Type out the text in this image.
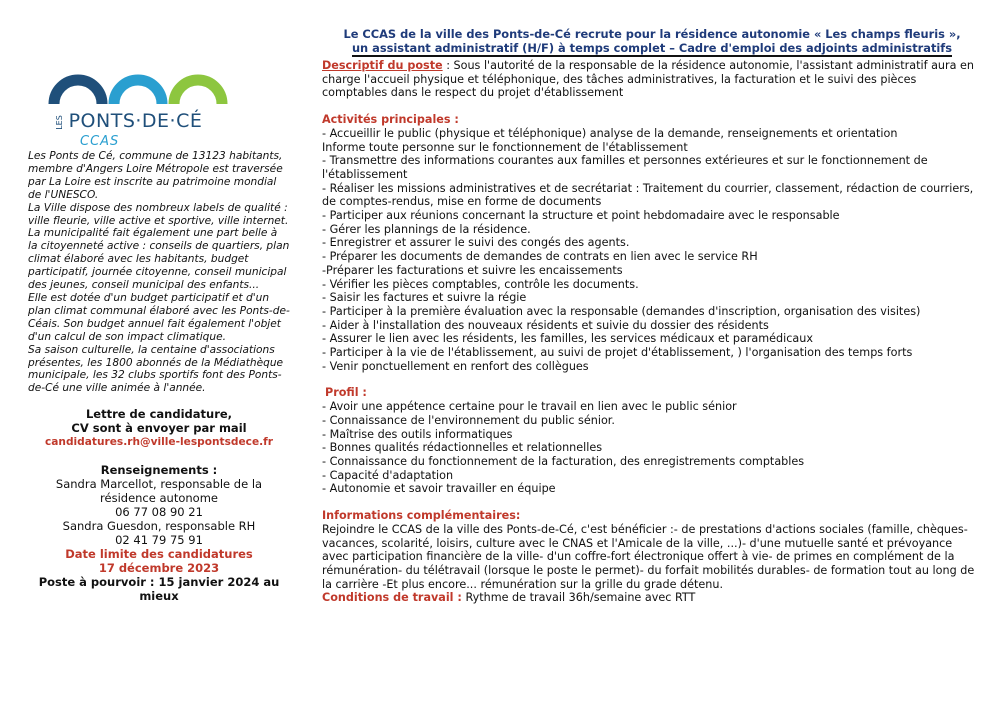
LES PONTS·DE·CÉ
CCAS

Les Ponts de Cé, commune de 13123 habitants, membre d'Angers Loire Métropole est traversée par La Loire est inscrite au patrimoine mondial de l'UNESCO.

La Ville dispose des nombreux labels de qualité : ville fleurie, ville active et sportive, ville internet.

La municipalité fait également une part belle à la citoyenneté active : conseils de quartiers, plan climat élaboré avec les habitants, budget participatif, journée citoyenne, conseil municipal des jeunes, conseil municipal des enfants...

Elle est dotée d'un budget participatif et d'un plan climat communal élaboré avec les Ponts-de-Céais. Son budget annuel fait également l'objet d'un calcul de son impact climatique.

Sa saison culturelle, la centaine d'associations présentes, les 1800 abonnés de la Médiathèque municipale, les 32 clubs sportifs font des Ponts-de-Cé une ville animée à l'année.

Lettre de candidature,
CV sont à envoyer par mail
candidatures.rh@ville-lespontsdece.fr
Renseignements :
Sandra Marcellot, responsable de la résidence autonome
06 77 08 90 21
Sandra Guesdon, responsable RH
02 41 79 75 91
Date limite des candidatures
17 décembre 2023
Poste à pourvoir : 15 janvier 2024 au mieux
Le CCAS de la ville des Ponts-de-Cé recrute pour la résidence autonomie « Les champs fleuris »,
un assistant administratif (H/F) à temps complet – Cadre d'emploi des adjoints administratifs

Descriptif du poste : Sous l'autorité de la responsable de la résidence autonomie, l'assistant administratif aura en charge l'accueil physique et téléphonique, des tâches administratives, la facturation et le suivi des pièces comptables dans le respect du projet d'établissement

Activités principales :

- Accueillir le public (physique et téléphonique) analyse de la demande, renseignements et orientation

Informe toute personne sur le fonctionnement de l'établissement

- Transmettre des informations courantes aux familles et personnes extérieures et sur le fonctionnement de l'établissement

- Réaliser les missions administratives et de secrétariat : Traitement du courrier, classement, rédaction de courriers, de comptes-rendus, mise en forme de documents

- Participer aux réunions concernant la structure et point hebdomadaire avec le responsable

- Gérer les plannings de la résidence.

- Enregistrer et assurer le suivi des congés des agents.

- Préparer les documents de demandes de contrats en lien avec le service RH

-Préparer les facturations et suivre les encaissements

- Vérifier les pièces comptables, contrôle les documents.

- Saisir les factures et suivre la régie

- Participer à la première évaluation avec la responsable (demandes d'inscription, organisation des visites)

- Aider à l'installation des nouveaux résidents et suivie du dossier des résidents

- Assurer le lien avec les résidents, les familles, les services médicaux et paramédicaux

- Participer à la vie de l'établissement, au suivi de projet d'établissement, ) l'organisation des temps forts

- Venir ponctuellement en renfort des collègues

Profil :

- Avoir une appétence certaine pour le travail en lien avec le public sénior

- Connaissance de l'environnement du public sénior.

- Maîtrise des outils informatiques

- Bonnes qualités rédactionnelles et relationnelles

- Connaissance du fonctionnement de la facturation, des enregistrements comptables

- Capacité d'adaptation

- Autonomie et savoir travailler en équipe

Informations complémentaires:

Rejoindre le CCAS de la ville des Ponts-de-Cé, c'est bénéficier :- de prestations d'actions sociales (famille, chèques-vacances, scolarité, loisirs, culture avec le CNAS et l'Amicale de la ville, ...)- d'une mutuelle santé et prévoyance avec participation financière de la ville- d'un coffre-fort électronique offert à vie- de primes en complément de la rémunération- du télétravail (lorsque le poste le permet)- du forfait mobilités durables- de formation tout au long de la carrière -Et plus encore... rémunération sur la grille du grade détenu.

Conditions de travail : Rythme de travail 36h/semaine avec RTT
